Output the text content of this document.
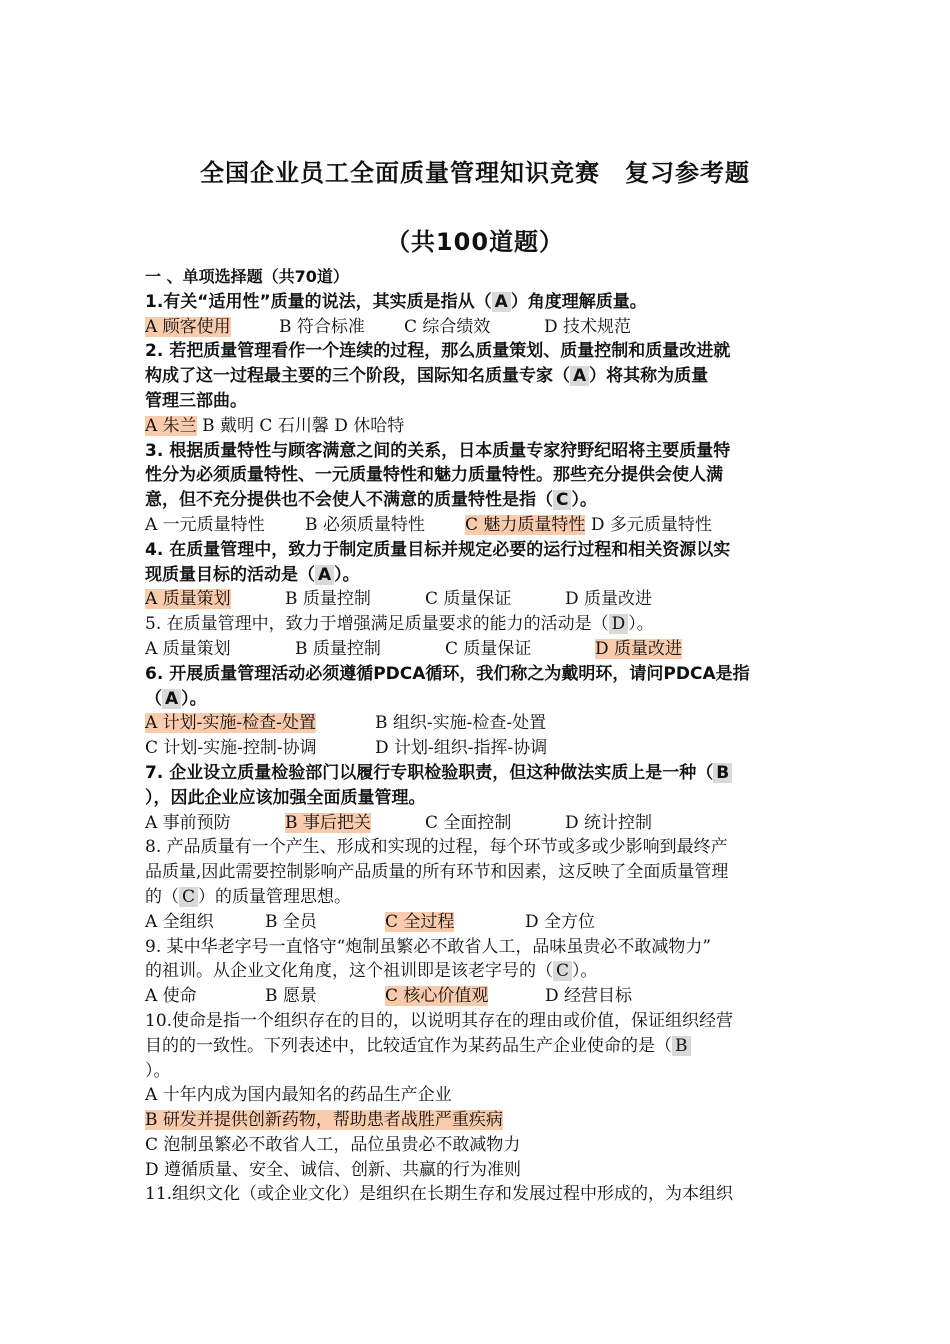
全国企业员工全面质量管理知识竞赛　复习参考题
（共100道题）
一 、单项选择题（共70道）
1.有关“适用性”质量的说法，其实质是指从（ A ）角度理解质量。
A 顾客使用	B 符合标准 C 综合绩效	D 技术规范
2. 若把质量管理看作一个连续的过程，那么质量策划、质量控制和质量改进就
构成了这一过程最主要的三个阶段，国际知名质量专家（ A ）将其称为质量
管理三部曲。
A 朱兰 B 戴明 C 石川馨 D 休哈特
3. 根据质量特性与顾客满意之间的关系，日本质量专家狩野纪昭将主要质量特
性分为必须质量特性、一元质量特性和魅力质量特性。那些充分提供会使人满
意，但不充分提供也不会使人不满意的质量特性是指（ C ）。
A 一元质量特性 B 必须质量特性 C 魅力质量特性 D 多元质量特性
4. 在质量管理中，致力于制定质量目标并规定必要的运行过程和相关资源以实
现质量目标的活动是（ A ）。
A 质量策划	B 质量控制	C 质量保证	D 质量改进
5. 在质量管理中，致力于增强满足质量要求的能力的活动是（ D ）。
A 质量策划	B 质量控制	C 质量保证	D 质量改进
6. 开展质量管理活动必须遵循PDCA循环，我们称之为戴明环，请问PDCA是指
（ A ）。
A 计划-实施-检查-处置	B 组织-实施-检查-处置
C 计划-实施-控制-协调	D 计划-组织-指挥-协调
7. 企业设立质量检验部门以履行专职检验职责，但这种做法实质上是一种（ B
），因此企业应该加强全面质量管理。
A 事前预防	B 事后把关	C 全面控制	D 统计控制
8. 产品质量有一个产生、形成和实现的过程，每个环节或多或少影响到最终产
品质量,因此需要控制影响产品质量的所有环节和因素，这反映了全面质量管理
的（ C ）的质量管理思想。
A 全组织	B 全员	C 全过程	D 全方位
9. 某中华老字号一直恪守“炮制虽繁必不敢省人工，品味虽贵必不敢减物力”
的祖训。从企业文化角度，这个祖训即是该老字号的（ C ）。
A 使命	B 愿景	C 核心价值观	D 经营目标
10.使命是指一个组织存在的目的，以说明其存在的理由或价值，保证组织经营
目的的一致性。下列表述中，比较适宜作为某药品生产企业使命的是（ B
）。
A 十年内成为国内最知名的药品生产企业
B 研发并提供创新药物，帮助患者战胜严重疾病
C 泡制虽繁必不敢省人工，品位虽贵必不敢减物力
D 遵循质量、安全、诚信、创新、共赢的行为准则
11.组织文化（或企业文化）是组织在长期生存和发展过程中形成的，为本组织
